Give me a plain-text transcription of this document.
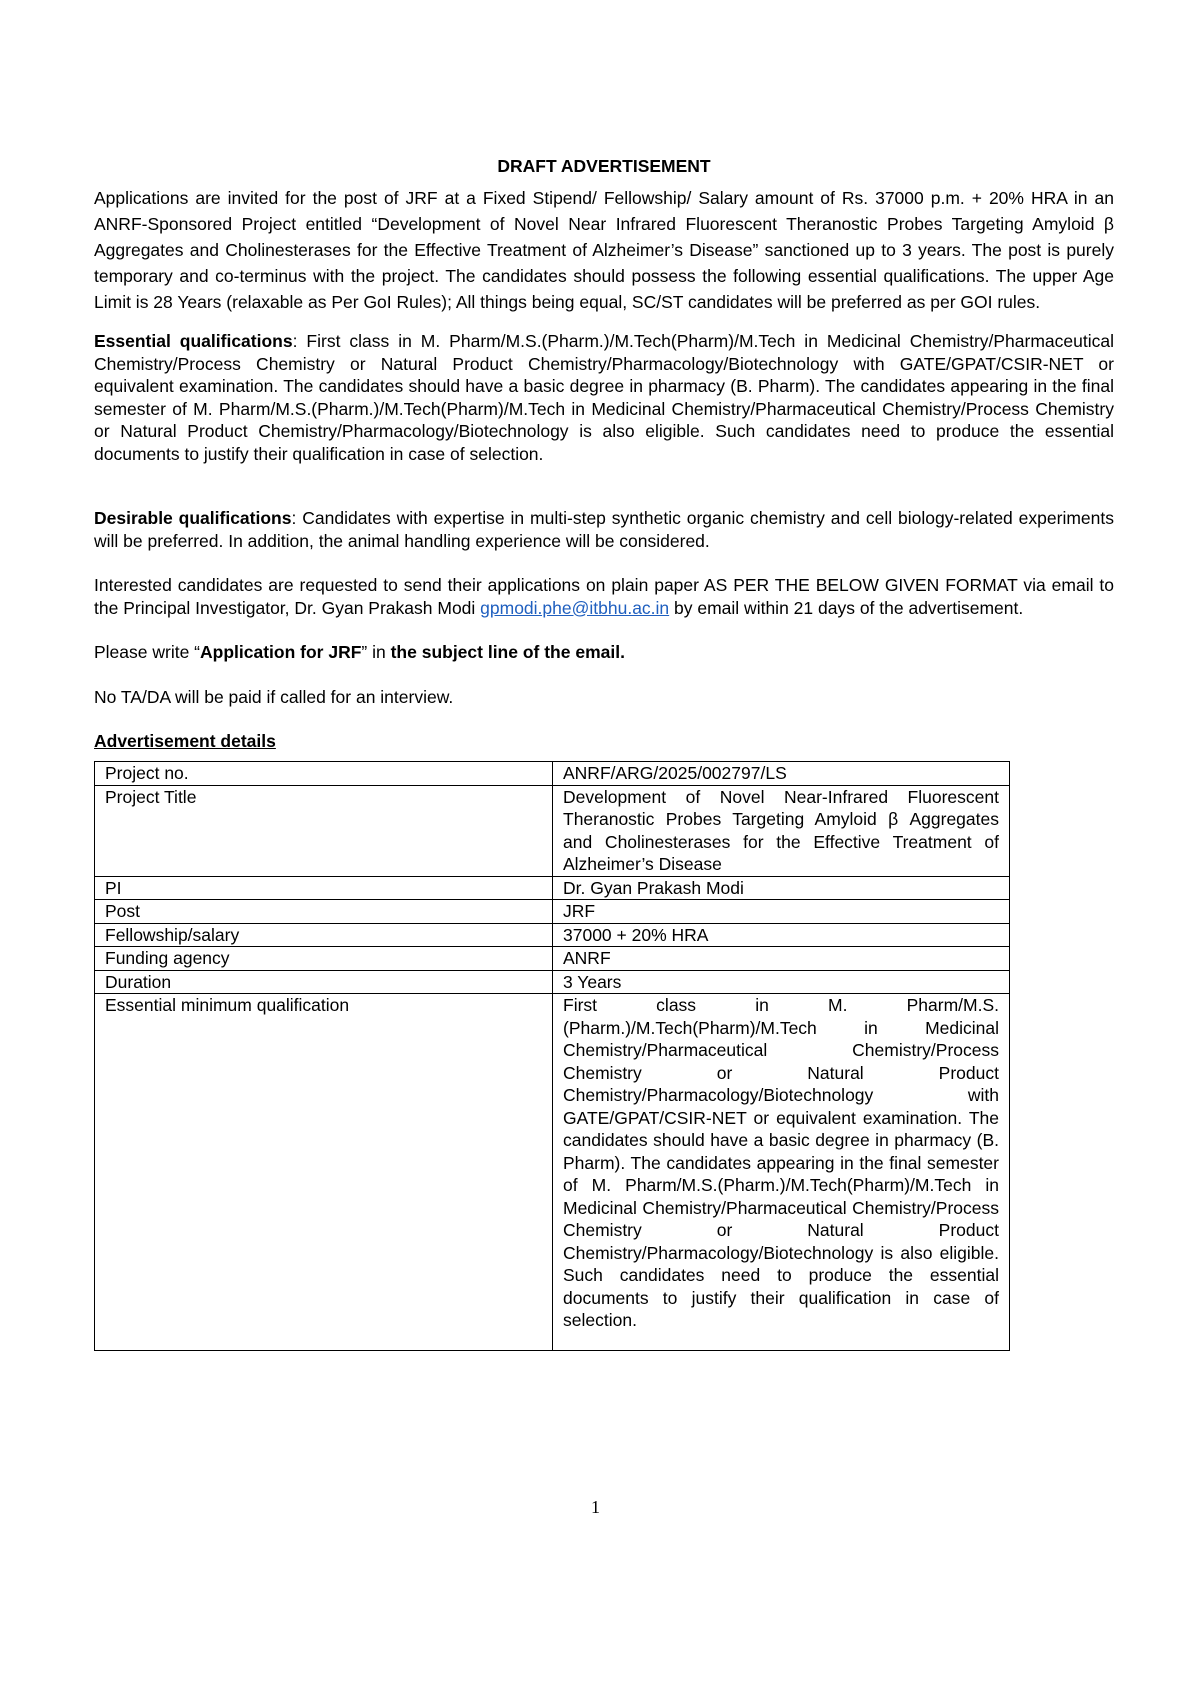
DRAFT ADVERTISEMENT

Applications are invited for the post of JRF at a Fixed Stipend/ Fellowship/ Salary amount of Rs. 37000 p.m. + 20% HRA in an ANRF-Sponsored Project entitled “Development of Novel Near Infrared Fluorescent Theranostic Probes Targeting Amyloid β Aggregates and Cholinesterases for the Effective Treatment of Alzheimer’s Disease” sanctioned up to 3 years. The post is purely temporary and co-terminus with the project. The candidates should possess the following essential qualifications. The upper Age Limit is 28 Years (relaxable as Per GoI Rules); All things being equal, SC/ST candidates will be preferred as per GOI rules.

Essential qualifications: First class in M. Pharm/M.S.(Pharm.)/M.Tech(Pharm)/M.Tech in Medicinal Chemistry/Pharmaceutical Chemistry/Process Chemistry or Natural Product Chemistry/Pharmacology/Biotechnology with GATE/GPAT/CSIR-NET or equivalent examination. The candidates should have a basic degree in pharmacy (B. Pharm). The candidates appearing in the final semester of M. Pharm/M.S.(Pharm.)/M.Tech(Pharm)/M.Tech in Medicinal Chemistry/Pharmaceutical Chemistry/Process Chemistry or Natural Product Chemistry/Pharmacology/Biotechnology is also eligible. Such candidates need to produce the essential documents to justify their qualification in case of selection.

Desirable qualifications: Candidates with expertise in multi-step synthetic organic chemistry and cell biology-related experiments will be preferred. In addition, the animal handling experience will be considered.

Interested candidates are requested to send their applications on plain paper AS PER THE BELOW GIVEN FORMAT via email to the Principal Investigator, Dr. Gyan Prakash Modi gpmodi.phe@itbhu.ac.in by email within 21 days of the advertisement.

Please write “Application for JRF” in the subject line of the email.

No TA/DA will be paid if called for an interview.

Advertisement details
Project no.	ANRF/ARG/2025/002797/LS
Project Title	Development of Novel Near-Infrared Fluorescent Theranostic Probes Targeting Amyloid β Aggregates and Cholinesterases for the Effective Treatment of Alzheimer’s Disease
PI	Dr. Gyan Prakash Modi
Post	JRF
Fellowship/salary	37000 + 20% HRA
Funding agency	ANRF
Duration	3 Years
Essential minimum qualification	First class in M. Pharm/M.S.(Pharm.)/M.Tech(Pharm)/M.Tech in Medicinal Chemistry/Pharmaceutical Chemistry/Process Chemistry or Natural Product Chemistry/Pharmacology/Biotechnology with GATE/GPAT/CSIR-NET or equivalent examination. The candidates should have a basic degree in pharmacy (B. Pharm). The candidates appearing in the final semester of M. Pharm/M.S.(Pharm.)/M.Tech(Pharm)/M.Tech in Medicinal Chemistry/Pharmaceutical Chemistry/Process Chemistry or Natural Product Chemistry/Pharmacology/Biotechnology is also eligible. Such candidates need to produce the essential documents to justify their qualification in case of selection.
1
